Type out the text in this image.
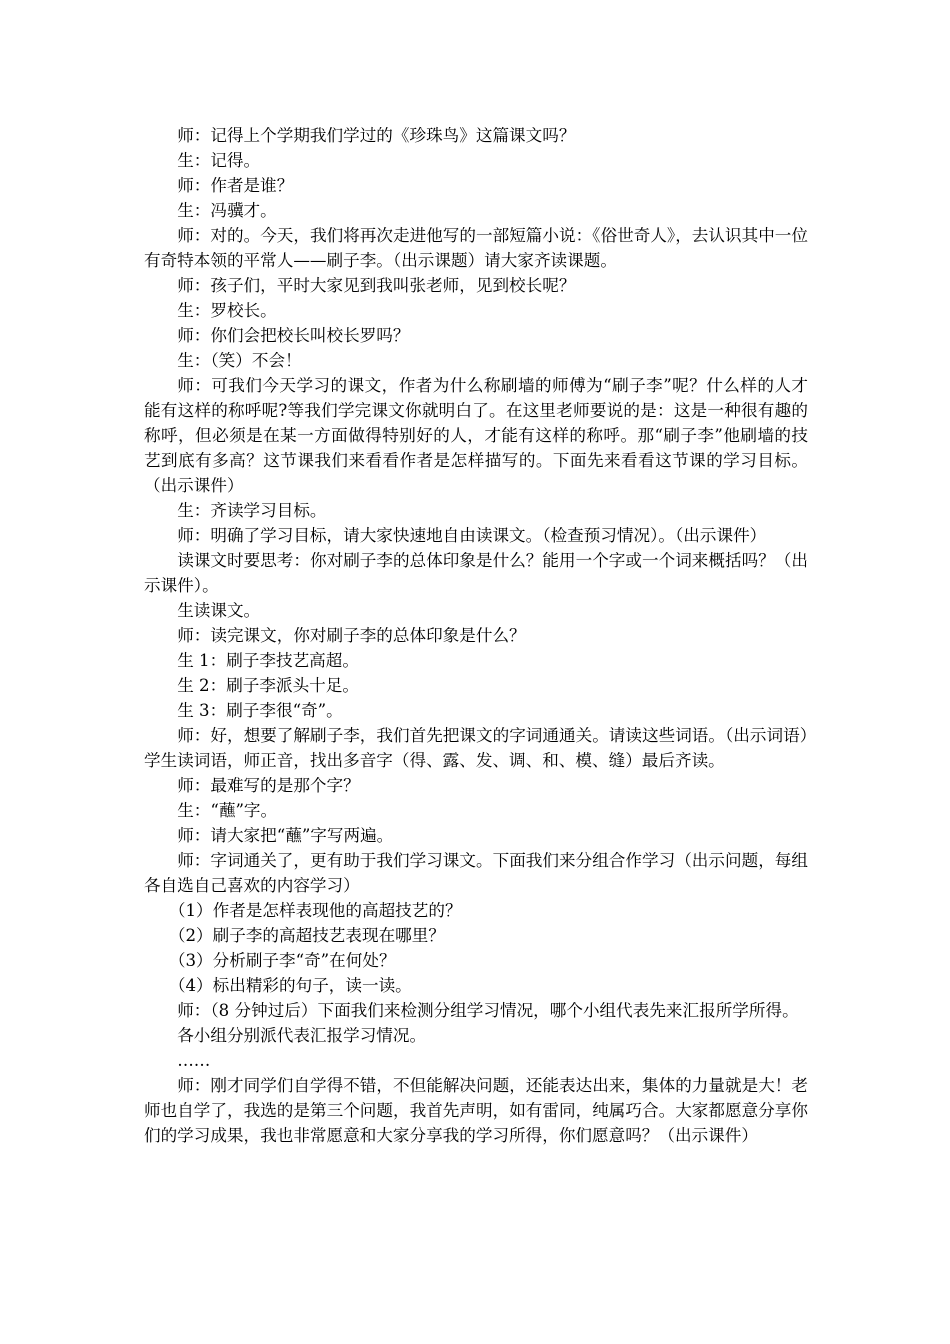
师：记得上个学期我们学过的《珍珠鸟》这篇课文吗？

生：记得。

师：作者是谁？

生：冯骥才。

师：对的。今天，我们将再次走进他写的一部短篇小说：《俗世奇人》，去认识其中一位有奇特本领的平常人——刷子李。（出示课题）请大家齐读课题。

师：孩子们，平时大家见到我叫张老师，见到校长呢？

生：罗校长。

师：你们会把校长叫校长罗吗？

生：（笑）不会！

师：可我们今天学习的课文，作者为什么称刷墙的师傅为“刷子李”呢？什么样的人才能有这样的称呼呢?等我们学完课文你就明白了。在这里老师要说的是：这是一种很有趣的称呼，但必须是在某一方面做得特别好的人，才能有这样的称呼。那“刷子李”他刷墙的技艺到底有多高？这节课我们来看看作者是怎样描写的。下面先来看看这节课的学习目标。（出示课件）

生：齐读学习目标。

师：明确了学习目标，请大家快速地自由读课文。（检查预习情况）。（出示课件）

读课文时要思考：你对刷子李的总体印象是什么？能用一个字或一个词来概括吗？（出示课件）。

生读课文。

师：读完课文，你对刷子李的总体印象是什么？

生 1：刷子李技艺高超。

生 2：刷子李派头十足。

生 3：刷子李很“奇”。

师：好，想要了解刷子李，我们首先把课文的字词通通关。请读这些词语。（出示词语）学生读词语，师正音，找出多音字（得、露、发、调、和、模、缝）最后齐读。

师：最难写的是那个字？

生：“蘸”字。

师：请大家把“蘸”字写两遍。

师：字词通关了，更有助于我们学习课文。下面我们来分组合作学习（出示问题，每组各自选自己喜欢的内容学习）

（1）作者是怎样表现他的高超技艺的？

（2）刷子李的高超技艺表现在哪里？

（3）分析刷子李“奇”在何处？

（4）标出精彩的句子，读一读。

师：（8 分钟过后）下面我们来检测分组学习情况，哪个小组代表先来汇报所学所得。

各小组分别派代表汇报学习情况。

……

师：刚才同学们自学得不错，不但能解决问题，还能表达出来，集体的力量就是大！老师也自学了，我选的是第三个问题，我首先声明，如有雷同，纯属巧合。大家都愿意分享你们的学习成果，我也非常愿意和大家分享我的学习所得，你们愿意吗？（出示课件）
